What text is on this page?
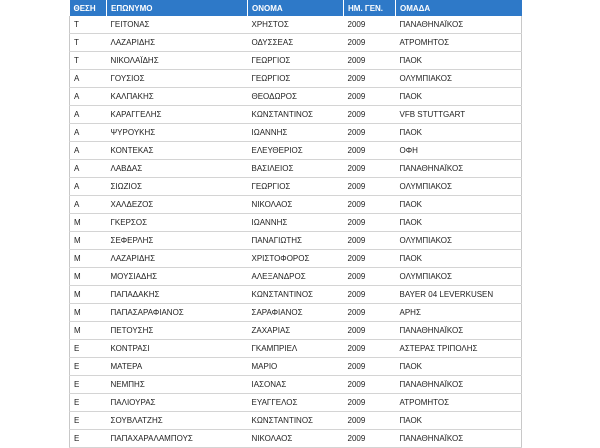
ΘΕΣΗ	ΕΠΩΝΥΜΟ	ΟΝΟΜΑ	ΗΜ. ΓΕΝ.	ΟΜΑΔΑ
Τ	ΓΕΙΤΟΝΑΣ	ΧΡΗΣΤΟΣ	2009	ΠΑΝΑΘΗΝΑΪΚΟΣ
Τ	ΛΑΖΑΡΙΔΗΣ	ΟΔΥΣΣΕΑΣ	2009	ΑΤΡΟΜΗΤΟΣ
Τ	ΝΙΚΟΛΑΪΔΗΣ	ΓΕΩΡΓΙΟΣ	2009	ΠΑΟΚ
Α	ΓΟΥΣΙΟΣ	ΓΕΩΡΓΙΟΣ	2009	ΟΛΥΜΠΙΑΚΟΣ
Α	ΚΑΛΠΑΚΗΣ	ΘΕΟΔΩΡΟΣ	2009	ΠΑΟΚ
Α	ΚΑΡΑΓΓΕΛΗΣ	ΚΩΝΣΤΑΝΤΙΝΟΣ	2009	VFB STUTTGART
Α	ΨΥΡΟΥΚΗΣ	ΙΩΑΝΝΗΣ	2009	ΠΑΟΚ
Α	ΚΟΝΤΕΚΑΣ	ΕΛΕΥΘΕΡΙΟΣ	2009	ΟΦΗ
Α	ΛΑΒΔΑΣ	ΒΑΣΙΛΕΙΟΣ	2009	ΠΑΝΑΘΗΝΑΪΚΟΣ
Α	ΣΙΩΖΙΟΣ	ΓΕΩΡΓΙΟΣ	2009	ΟΛΥΜΠΙΑΚΟΣ
Α	ΧΑΛΔΕΖΟΣ	ΝΙΚΟΛΑΟΣ	2009	ΠΑΟΚ
Μ	ΓΚΕΡΣΟΣ	ΙΩΑΝΝΗΣ	2009	ΠΑΟΚ
Μ	ΣΕΦΕΡΛΗΣ	ΠΑΝΑΓΙΩΤΗΣ	2009	ΟΛΥΜΠΙΑΚΟΣ
Μ	ΛΑΖΑΡΙΔΗΣ	ΧΡΙΣΤΟΦΟΡΟΣ	2009	ΠΑΟΚ
Μ	ΜΟΥΣΙΑΔΗΣ	ΑΛΕΞΑΝΔΡΟΣ	2009	ΟΛΥΜΠΙΑΚΟΣ
Μ	ΠΑΠΑΔΑΚΗΣ	ΚΩΝΣΤΑΝΤΙΝΟΣ	2009	BAYER 04 LEVERKUSEN
Μ	ΠΑΠΑΣΑΡΑΦΙΑΝΟΣ	ΣΑΡΑΦΙΑΝΟΣ	2009	ΑΡΗΣ
Μ	ΠΕΤΟΥΣΗΣ	ΖΑΧΑΡΙΑΣ	2009	ΠΑΝΑΘΗΝΑΪΚΟΣ
Ε	ΚΟΝΤΡΑΣΙ	ΓΚΑΜΠΡΙΕΛ	2009	ΑΣΤΕΡΑΣ ΤΡΙΠΟΛΗΣ
Ε	ΜΑΤΕΡΑ	ΜΑΡΙΟ	2009	ΠΑΟΚ
Ε	ΝΕΜΠΗΣ	ΙΑΣΟΝΑΣ	2009	ΠΑΝΑΘΗΝΑΪΚΟΣ
Ε	ΠΑΛΙΟΥΡΑΣ	ΕΥΑΓΓΕΛΟΣ	2009	ΑΤΡΟΜΗΤΟΣ
Ε	ΣΟΥΒΛΑΤΖΗΣ	ΚΩΝΣΤΑΝΤΙΝΟΣ	2009	ΠΑΟΚ
Ε	ΠΑΠΑΧΑΡΑΛΑΜΠΟΥΣ	ΝΙΚΟΛΑΟΣ	2009	ΠΑΝΑΘΗΝΑΪΚΟΣ
